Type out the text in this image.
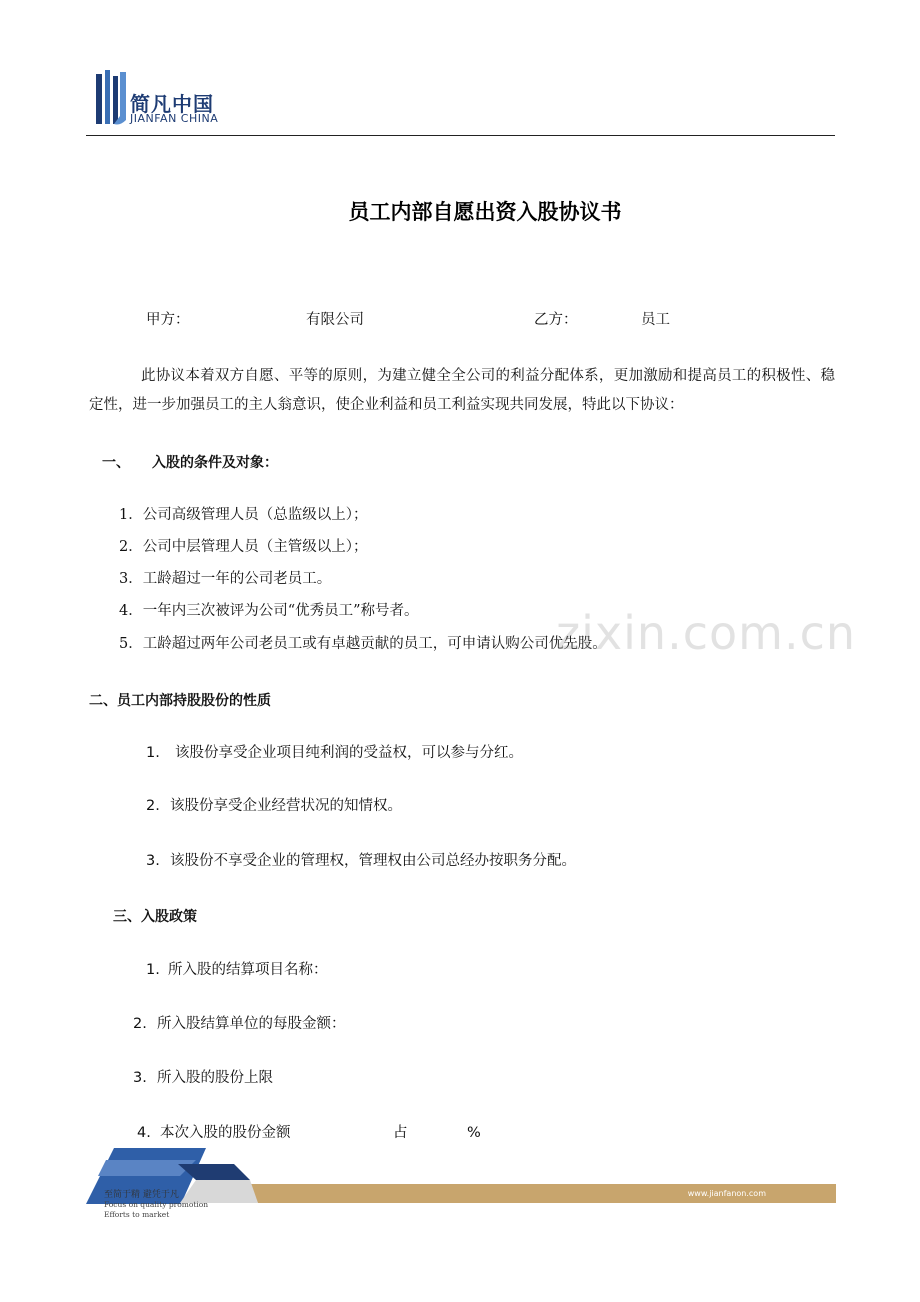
简凡中国
JIANFAN CHINA
员工内部自愿出资入股协议书
甲方：	有限公司	乙方：	员工
此协议本着双方自愿、平等的原则，为建立健全全公司的利益分配体系，更加激励和提高员工的积极性、稳定性，进一步加强员工的主人翁意识，使企业利益和员工利益实现共同发展，特此以下协议：
一、 入股的条件及对象：
1．公司高级管理人员（总监级以上）；
2．公司中层管理人员（主管级以上）；
3．工龄超过一年的公司老员工。
4．一年内三次被评为公司“优秀员工”称号者。
5．工龄超过两年公司老员工或有卓越贡献的员工，可申请认购公司优先股。
二、员工内部持股股份的性质
1. 该股份享受企业项目纯利润的受益权，可以参与分红。
2. 该股份享受企业经营状况的知情权。
3. 该股份不享受企业的管理权，管理权由公司总经办按职务分配。
三、入股政策
1. 所入股的结算项目名称：
2. 所入股结算单位的每股金额：
3. 所入股的股份上限
4. 本次入股的股份金额	占	%
zixin.com.cn
至简于精 避凭于凡
Focus on quality promotion
Efforts to market
www.jianfanon.com
